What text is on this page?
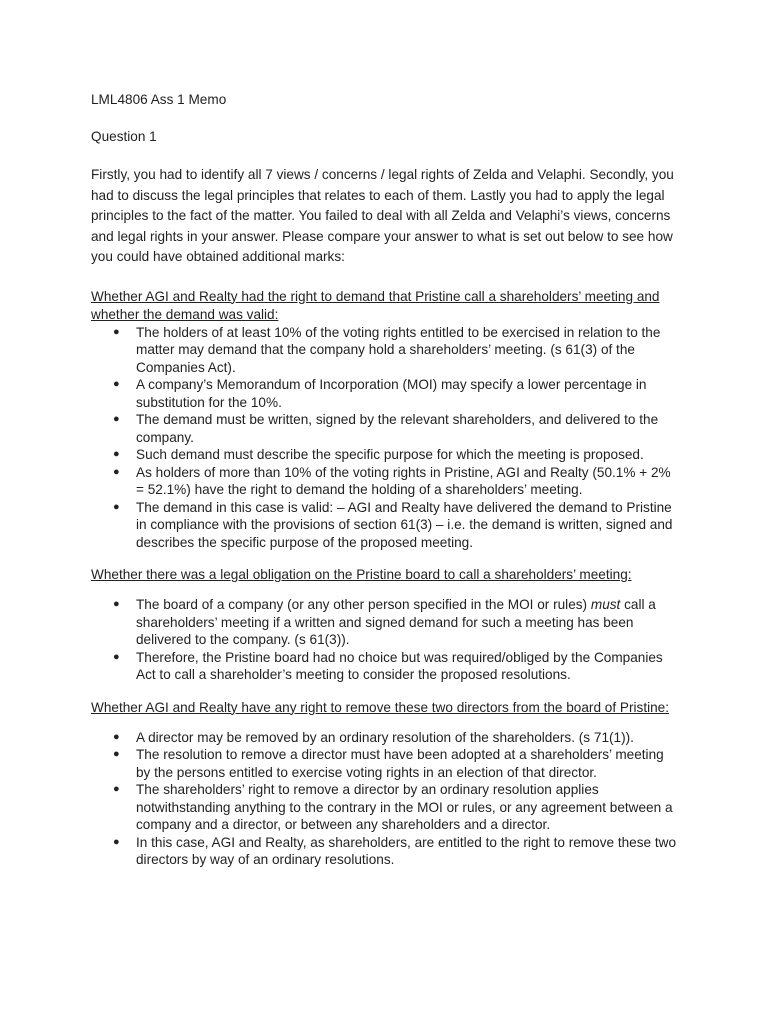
LML4806 Ass 1 Memo

Question 1

Firstly, you had to identify all 7 views / concerns / legal rights of Zelda and Velaphi. Secondly, you had to discuss the legal principles that relates to each of them. Lastly you had to apply the legal principles to the fact of the matter. You failed to deal with all Zelda and Velaphi’s views, concerns and legal rights in your answer. Please compare your answer to what is set out below to see how you could have obtained additional marks:

Whether AGI and Realty had the right to demand that Pristine call a shareholders’ meeting and whether the demand was valid:

● The holders of at least 10% of the voting rights entitled to be exercised in relation to the matter may demand that the company hold a shareholders’ meeting. (s 61(3) of the Companies Act).
● A company’s Memorandum of Incorporation (MOI) may specify a lower percentage in substitution for the 10%.
● The demand must be written, signed by the relevant shareholders, and delivered to the company.
● Such demand must describe the specific purpose for which the meeting is proposed.
● As holders of more than 10% of the voting rights in Pristine, AGI and Realty (50.1% + 2% = 52.1%) have the right to demand the holding of a shareholders’ meeting.
● The demand in this case is valid: – AGI and Realty have delivered the demand to Pristine in compliance with the provisions of section 61(3) – i.e. the demand is written, signed and describes the specific purpose of the proposed meeting.

Whether there was a legal obligation on the Pristine board to call a shareholders’ meeting:

● The board of a company (or any other person specified in the MOI or rules) must call a shareholders’ meeting if a written and signed demand for such a meeting has been delivered to the company. (s 61(3)).
● Therefore, the Pristine board had no choice but was required/obliged by the Companies Act to call a shareholder’s meeting to consider the proposed resolutions.

Whether AGI and Realty have any right to remove these two directors from the board of Pristine:

● A director may be removed by an ordinary resolution of the shareholders. (s 71(1)).
● The resolution to remove a director must have been adopted at a shareholders’ meeting by the persons entitled to exercise voting rights in an election of that director.
● The shareholders’ right to remove a director by an ordinary resolution applies notwithstanding anything to the contrary in the MOI or rules, or any agreement between a company and a director, or between any shareholders and a director.
● In this case, AGI and Realty, as shareholders, are entitled to the right to remove these two directors by way of an ordinary resolutions.
